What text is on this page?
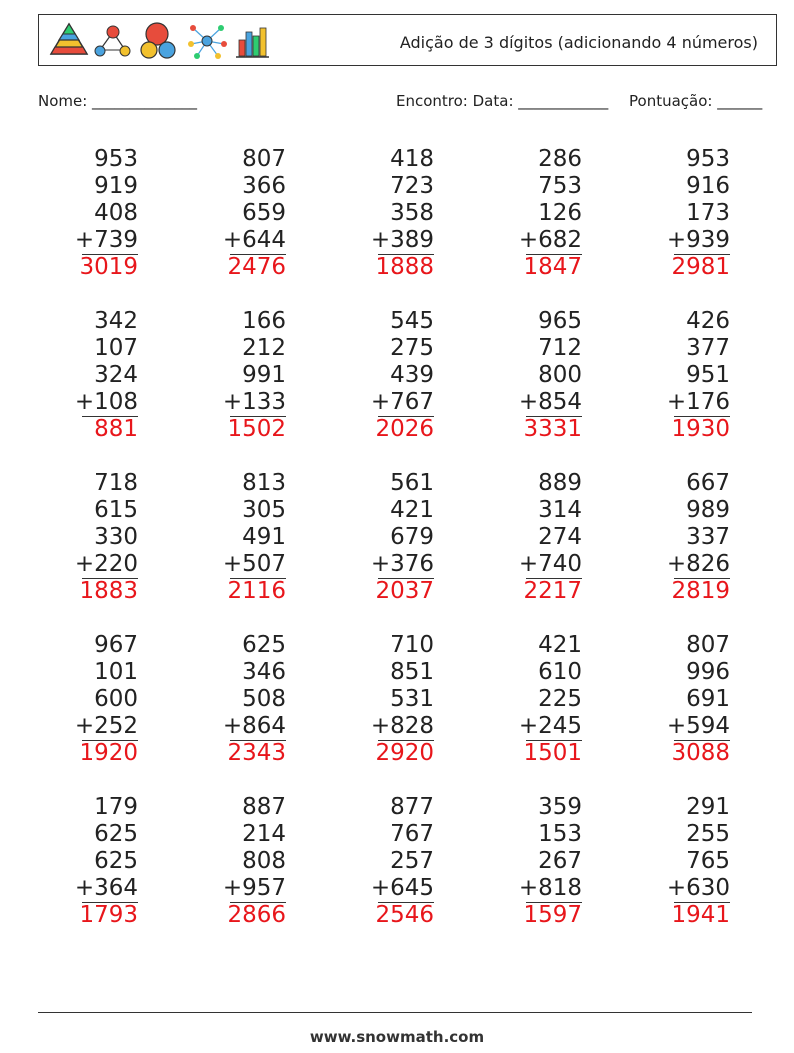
Adição de 3 dígitos (adicionando 4 números)
Nome: ______________	Encontro: Data: ____________ Pontuação: ______
953
919
408
+739
3019
807
366
659
+644
2476
418
723
358
+389
1888
286
753
126
+682
1847
953
916
173
+939
2981
342
107
324
+108
881
166
212
991
+133
1502
545
275
439
+767
2026
965
712
800
+854
3331
426
377
951
+176
1930
718
615
330
+220
1883
813
305
491
+507
2116
561
421
679
+376
2037
889
314
274
+740
2217
667
989
337
+826
2819
967
101
600
+252
1920
625
346
508
+864
2343
710
851
531
+828
2920
421
610
225
+245
1501
807
996
691
+594
3088
179
625
625
+364
1793
887
214
808
+957
2866
877
767
257
+645
2546
359
153
267
+818
1597
291
255
765
+630
1941
www.snowmath.com
